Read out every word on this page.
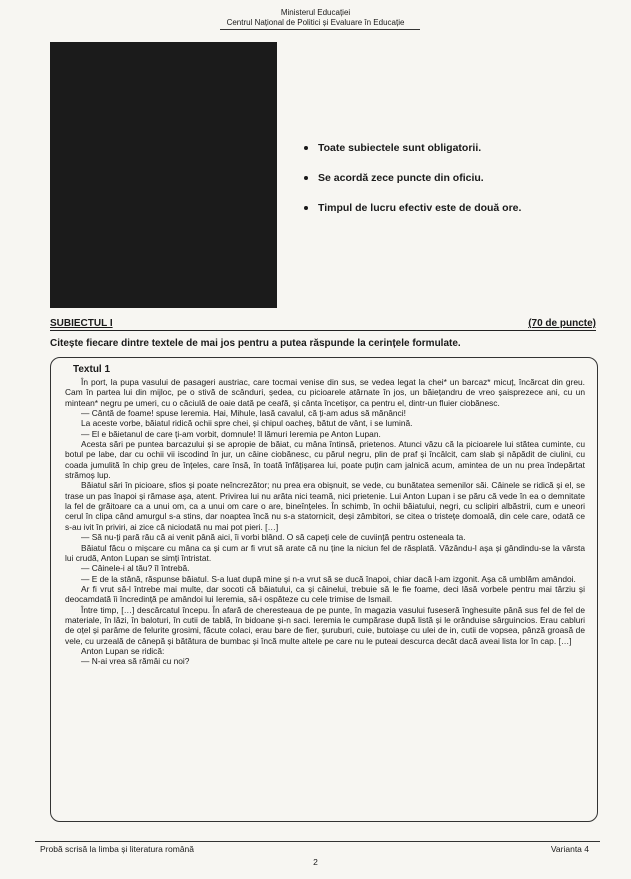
Ministerul Educației
Centrul Național de Politici și Evaluare în Educație
Toate subiectele sunt obligatorii.
Se acordă zece puncte din oficiu.
Timpul de lucru efectiv este de două ore.
SUBIECTUL I	(70 de puncte)
Citește fiecare dintre textele de mai jos pentru a putea răspunde la cerințele formulate.
Textul 1

În port, la pupa vasului de pasageri austriac, care tocmai venise din sus, se vedea legat la chei* un barcaz* micuț, încărcat din greu. Cam în partea lui din mijloc, pe o stivă de scânduri, ședea, cu picioarele atârnate în jos, un băiețandru de vreo șaisprezece ani, cu un mintean* negru pe umeri, cu o căciulă de oaie dată pe ceafă, și cânta încetișor, ca pentru el, dintr-un fluier ciobănesc.

— Cântă de foame! spuse Ieremia. Hai, Mihule, lasă cavalul, că ți-am adus să mănânci!

La aceste vorbe, băiatul ridică ochii spre chei, și chipul oacheș, bătut de vânt, i se lumină.

— El e băietanul de care ți-am vorbit, domnule! îl lămuri Ieremia pe Anton Lupan.

Acesta sări pe puntea barcazului și se apropie de băiat, cu mâna întinsă, prietenos. Atunci văzu că la picioarele lui stătea cuminte, cu botul pe labe, dar cu ochii vii iscodind în jur, un câine ciobănesc, cu părul negru, plin de praf și încâlcit, cam slab și năpădit de ciulini, cu coada jumulită în chip greu de înțeles, care însă, în toată înfățișarea lui, poate puțin cam jalnică acum, amintea de un nu prea îndepărtat strămoș lup.

Băiatul sări în picioare, sfios și poate neîncrezător; nu prea era obișnuit, se vede, cu bunătatea semenilor săi. Câinele se ridică și el, se trase un pas înapoi și rămase așa, atent. Privirea lui nu arăta nici teamă, nici prietenie. Lui Anton Lupan i se păru că vede în ea o demnitate la fel de grăitoare ca a unui om, ca a unui om care o are, bineînțeles. În schimb, în ochii băiatului, negri, cu sclipiri albăstrii, cum e uneori cerul în clipa când amurgul s-a stins, dar noaptea încă nu s-a statornicit, deși zâmbitori, se citea o tristețe domoală, din cele care, odată ce s-au ivit în priviri, ai zice că niciodată nu mai pot pieri. […]

— Să nu-ți pară rău că ai venit până aici, îi vorbi blând. O să capeți cele de cuviință pentru osteneala ta.

Băiatul făcu o mișcare cu mâna ca și cum ar fi vrut să arate că nu ține la niciun fel de răsplată. Văzându-l așa și gândindu-se la vârsta lui crudă, Anton Lupan se simți întristat.

— Câinele-i al tău? îl întrebă.

— E de la stână, răspunse băiatul. S-a luat după mine și n-a vrut să se ducă înapoi, chiar dacă l-am izgonit. Așa că umblăm amândoi.

Ar fi vrut să-l întrebe mai multe, dar socoti că băiatului, ca și câinelui, trebuie să le fie foame, deci lăsă vorbele pentru mai târziu și deocamdată îi încredință pe amândoi lui Ieremia, să-i ospăteze cu cele trimise de Ismail.

Între timp, […] descărcatul începu. În afară de cheresteaua de pe punte, în magazia vasului fuseseră înghesuite până sus fel de fel de materiale, în lăzi, în baloturi, în cutii de tablă, în bidoane și-n saci. Ieremia le cumpărase după listă și le orânduise sârguincios. Erau cabluri de oțel și parâme de felurite grosimi, făcute colaci, erau bare de fier, șuruburi, cuie, butoiașe cu ulei de in, cutii de vopsea, pânză groasă de vele, cu urzeală de cânepă și bătătura de bumbac și încă multe altele pe care nu le puteai descurca decât dacă aveai lista lor în cap. […]

Anton Lupan se ridică:

— N-ai vrea să rămâi cu noi?

Probă scrisă la limba și literatura română	Varianta 4
2
